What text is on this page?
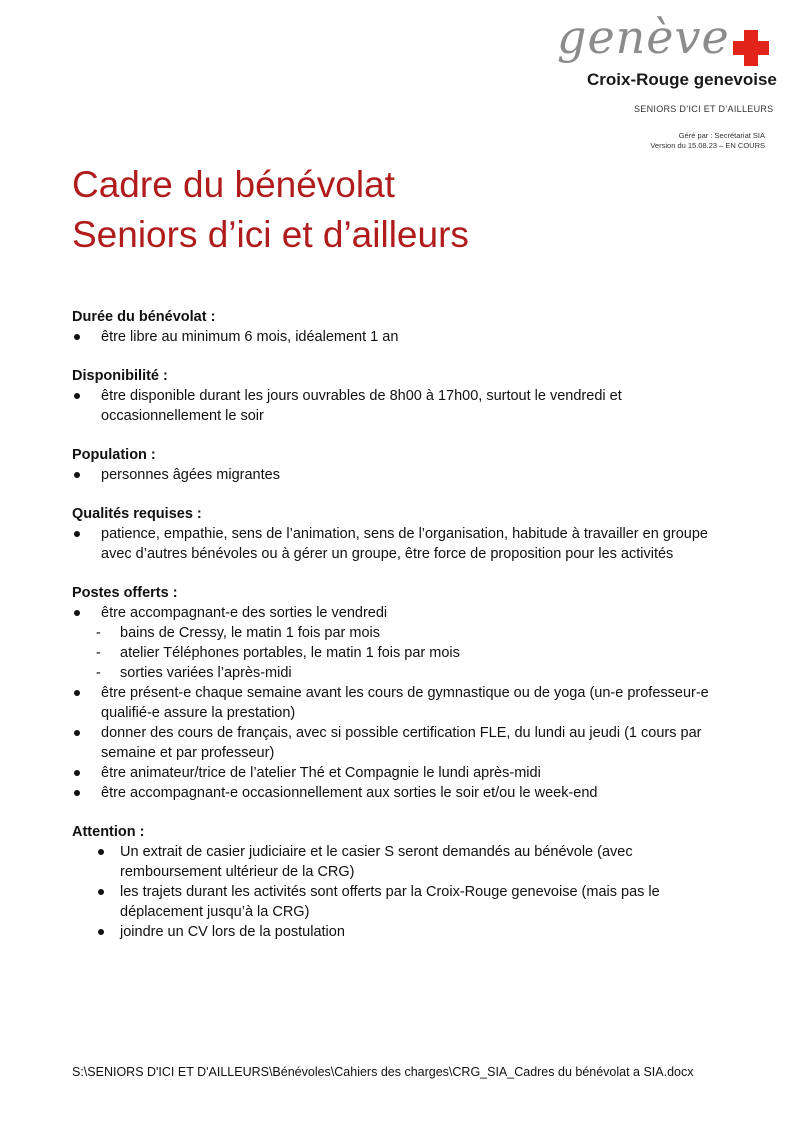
genève
Croix-Rouge genevoise
SENIORS D’ICI ET D’AILLEURS
Géré par : Secrétariat SIA
Version du 15.08.23 – EN COURS
Cadre du bénévolat
Seniors d’ici et d’ailleurs
Durée du bénévolat :
être libre au minimum 6 mois, idéalement 1 an
Disponibilité :
être disponible durant les jours ouvrables de 8h00 à 17h00, surtout le vendredi et occasionnellement le soir
Population :
personnes âgées migrantes
Qualités requises :
patience, empathie, sens de l’animation, sens de l’organisation, habitude à travailler en groupe avec d’autres bénévoles ou à gérer un groupe, être force de proposition pour les activités
Postes offerts :
être accompagnant-e des sorties le vendredi
- bains de Cressy, le matin 1 fois par mois
- atelier Téléphones portables, le matin 1 fois par mois
- sorties variées l’après-midi
être présent-e chaque semaine avant les cours de gymnastique ou de yoga (un-e professeur-e qualifié-e assure la prestation)
donner des cours de français, avec si possible certification FLE, du lundi au jeudi (1 cours par semaine et par professeur)
être animateur/trice de l’atelier Thé et Compagnie le lundi après-midi
être accompagnant-e occasionnellement aux sorties le soir et/ou le week-end
Attention :
Un extrait de casier judiciaire et le casier S seront demandés au bénévole (avec remboursement ultérieur de la CRG)
les trajets durant les activités sont offerts par la Croix-Rouge genevoise (mais pas le déplacement jusqu’à la CRG)
joindre un CV lors de la postulation
S:\SENIORS D'ICI ET D'AILLEURS\Bénévoles\Cahiers des charges\CRG_SIA_Cadres du bénévolat a SIA.docx
